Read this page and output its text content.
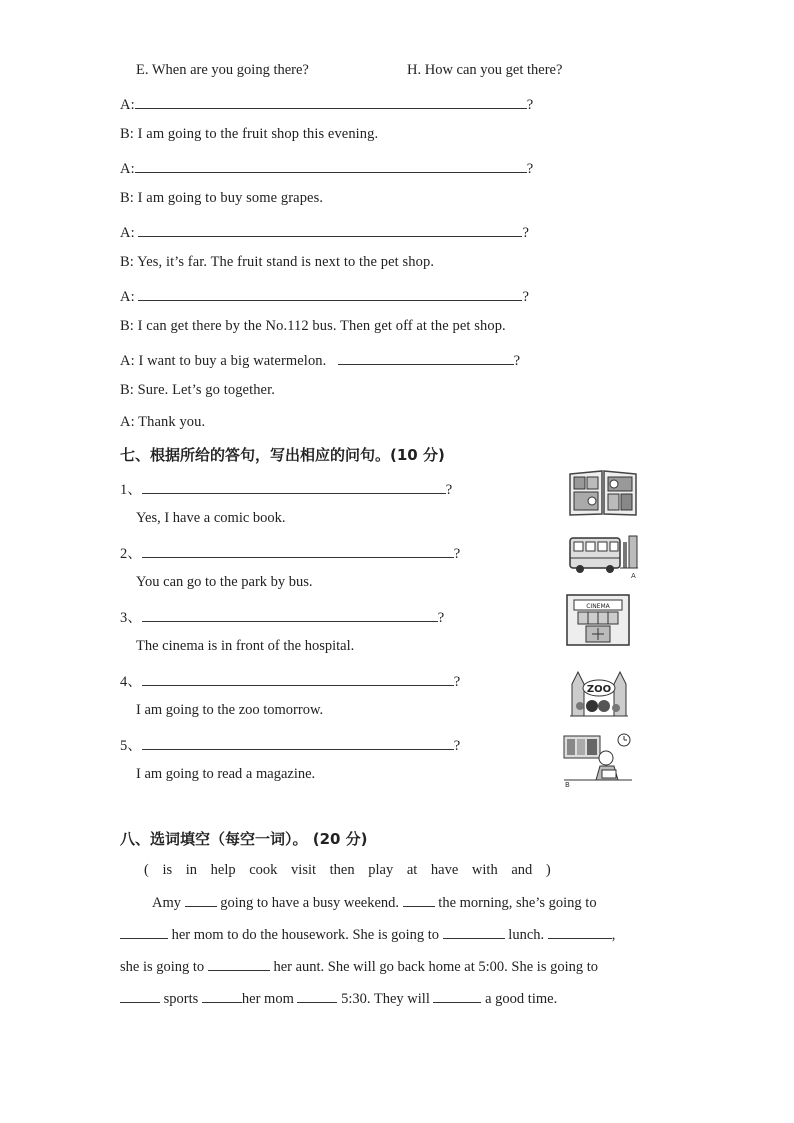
E. When are you going there?	H. How can you get there?
A:	?
B: I am going to the fruit shop this evening.
A:	?
B: I am going to buy some grapes.
A:	?
B: Yes, it’s far. The fruit stand is next to the pet shop.
A:	?
B: I can get there by the No.112 bus. Then get off at the pet shop.
A: I want to buy a big watermelon.	?
B: Sure. Let’s go together.
A: Thank you.
七、根据所给的答句，写出相应的问句。(10 分)
1、	?
Yes, I have a comic book.
2、	?
You can go to the park by bus.
3、	?
The cinema is in front of the hospital.
4、	?
I am going to the zoo tomorrow.
5、	?
I am going to read a magazine.
A
CINEMA
ZOO
B
八、选词填空（每空一词）。 (20 分)
( is in help cook visit then play at have with and )
Amy	going to have a busy weekend.	the morning, she’s going to
her mom to do the housework. She is going to	lunch.	,
she is going to	her aunt. She will go back home at 5:00. She is going to
sports	her mom	5:30. They will	a good time.
